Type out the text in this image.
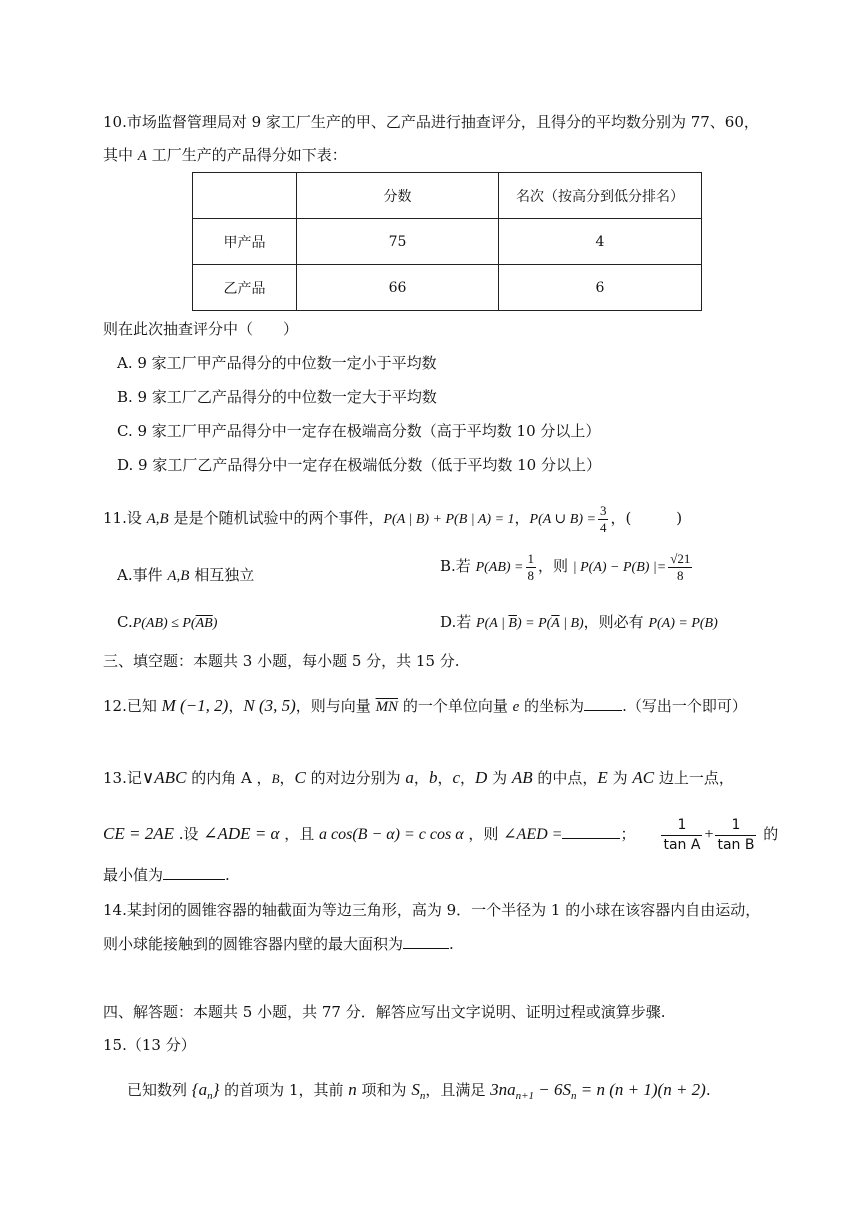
10.市场监督管理局对 9 家工厂生产的甲、乙产品进行抽查评分，且得分的平均数分别为 77、60，
其中 A 工厂生产的产品得分如下表：
	分数	名次（按高分到低分排名）
甲产品	75	4
乙产品	66	6
则在此次抽查评分中（　　）
A. 9 家工厂甲产品得分的中位数一定小于平均数
B. 9 家工厂乙产品得分的中位数一定大于平均数
C. 9 家工厂甲产品得分中一定存在极端高分数（高于平均数 10 分以上）
D. 9 家工厂乙产品得分中一定存在极端低分数（低于平均数 10 分以上）
11.设 A,B 是是个随机试验中的两个事件，P(A | B) + P(B | A) = 1，P(A ∪ $B) = \frac{3}{4}$ ，(　　　)
A.事件 A,B 相互独立	B.若 $P(AB) = \frac{1}{8}$ ，则 | P(A) − P(B) |= $\frac{√21}{8}$
$C.P(AB) \le P(\overline{AB})$	D.若 P(A | $\overline{B}) = P(\overline{A}$ | B)，则必有 P(A) = P(B)
三、填空题：本题共 3 小题，每小题 5 分，共 15 分.
12.已知 M (−1, 2)，N (3, 5)，则与向量 $\overline{MN}$ 的一个单位向量 e 的坐标为	.（写出一个即可）
13.记∨ABC 的内角 A ，B，C 的对边分别为 a，b，c，D 为 AB 的中点，E 为 AC 边上一点，
CE = 2AE .设 ∠ADE = α ，且 a cos(B − α) = c cos α ，则 ∠AED =	； $\frac{1}{\text{tan A}} + \frac{1}{\text{tan B}}$ 的
最小值为	.
14.某封闭的圆锥容器的轴截面为等边三角形，高为 9．一个半径为 1 的小球在该容器内自由运动，
则小球能接触到的圆锥容器内壁的最大面积为	.
四、解答题：本题共 5 小题，共 77 分．解答应写出文字说明、证明过程或演算步骤.
15.（13 分）
已知数列 $\{a_n\}$ 的首项为 1，其前 n 项和为 $S_n$，且满足 $3na_{n+1} - 6S_n = n$ (n + 1)(n + 2).
